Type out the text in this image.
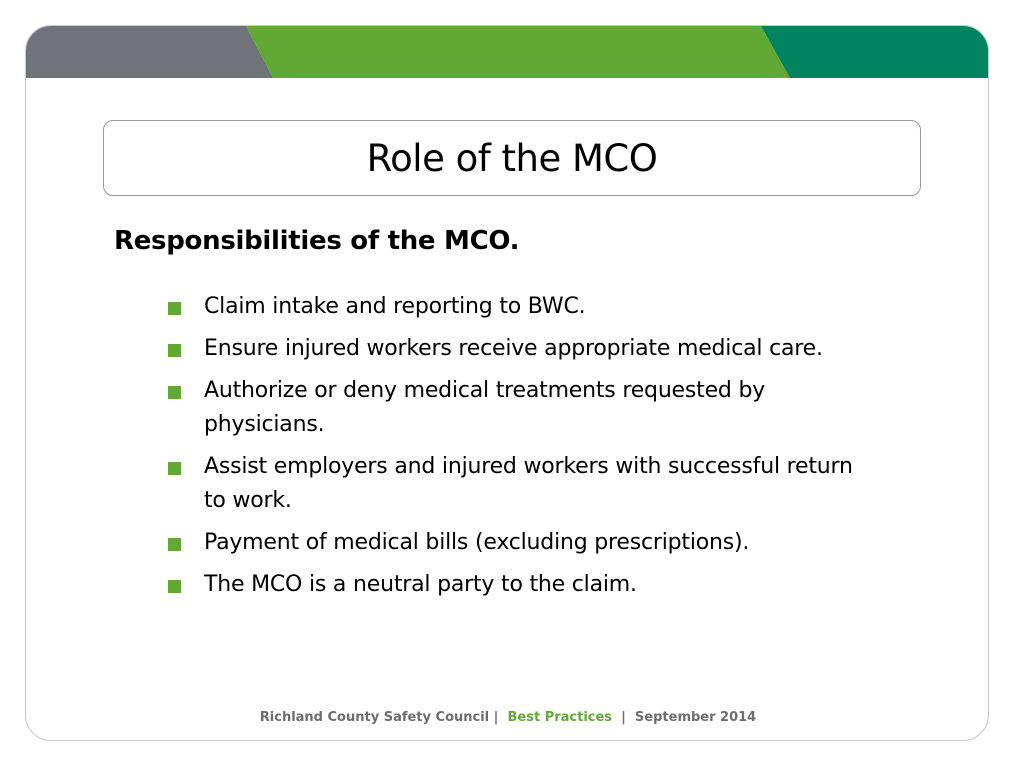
Role of the MCO
Responsibilities of the MCO.
Claim intake and reporting to BWC.
Ensure injured workers receive appropriate medical care.
Authorize or deny medical treatments requested by physicians.
Assist employers and injured workers with successful return to work.
Payment of medical bills (excluding prescriptions).
The MCO is a neutral party to the claim.
Richland County Safety Council | Best Practices | September 2014
